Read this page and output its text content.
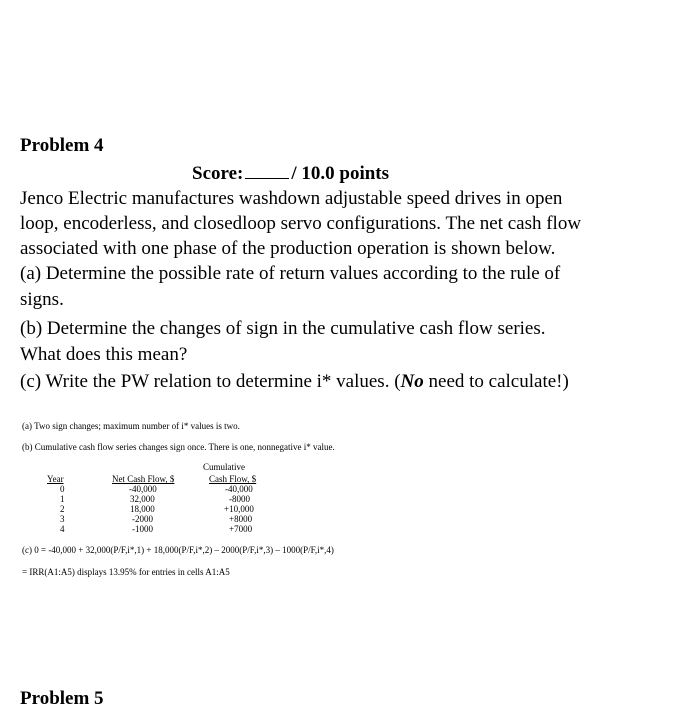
Problem 4
Score:	/ 10.0 points
Jenco Electric manufactures washdown adjustable speed drives in open
loop, encoderless, and closedloop servo configurations. The net cash flow
associated with one phase of the production operation is shown below.
(a) Determine the possible rate of return values according to the rule of
signs.
(b) Determine the changes of sign in the cumulative cash flow series.
What does this mean?
(c) Write the PW relation to determine i* values. (No need to calculate!)
(a) Two sign changes; maximum number of i* values is two.
(b) Cumulative cash flow series changes sign once. There is one, nonnegative i* value.
Cumulative
Year	Net Cash Flow, $	Cash Flow, $
0	-40,000	-40,000
1	32,000	-8000
2	18,000	+10,000
3	-2000	+8000
4	-1000	+7000
(c) 0 = -40,000 + 32,000(P/F,i*,1) + 18,000(P/F,i*,2) – 2000(P/F,i*,3) – 1000(P/F,i*,4)
= IRR(A1:A5) displays 13.95% for entries in cells A1:A5
Problem 5
